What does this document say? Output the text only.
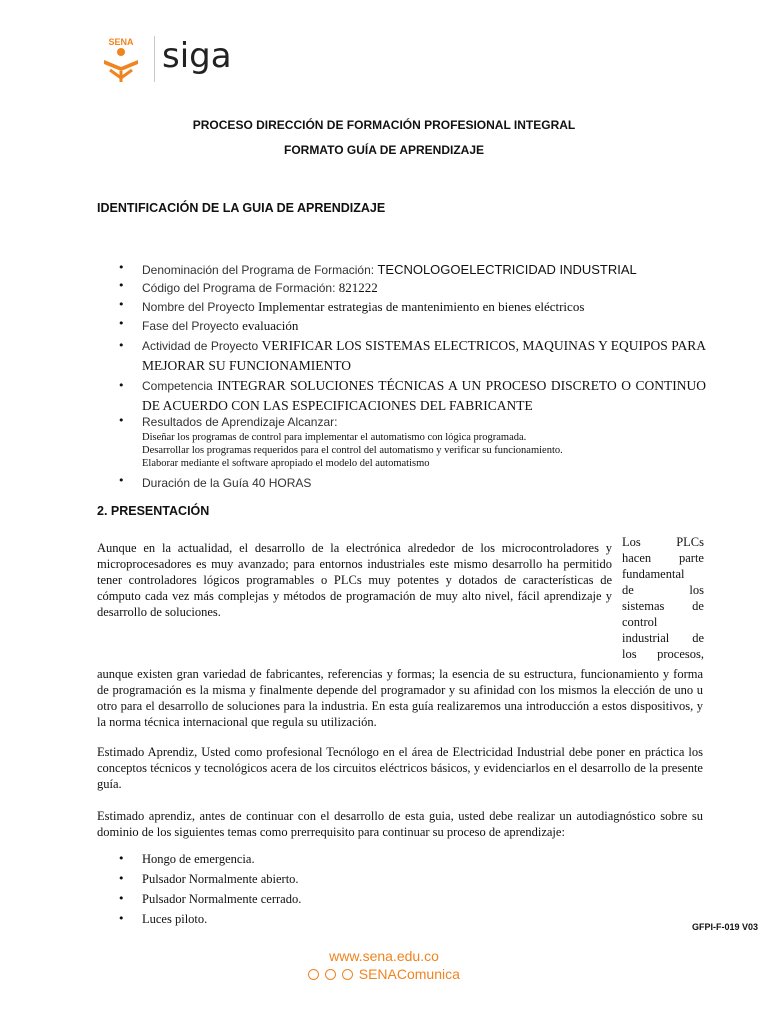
SENA siga
PROCESO DIRECCIÓN DE FORMACIÓN PROFESIONAL INTEGRAL
FORMATO GUÍA DE APRENDIZAJE
IDENTIFICACIÓN DE LA GUIA DE APRENDIZAJE
• Denominación del Programa de Formación: TECNOLOGOELECTRICIDAD INDUSTRIAL
• Código del Programa de Formación: 821222
• Nombre del Proyecto Implementar estrategias de mantenimiento en bienes eléctricos
• Fase del Proyecto evaluación
• Actividad de Proyecto VERIFICAR LOS SISTEMAS ELECTRICOS, MAQUINAS Y EQUIPOS PARA MEJORAR SU FUNCIONAMIENTO
• Competencia INTEGRAR SOLUCIONES TÉCNICAS A UN PROCESO DISCRETO O CONTINUO DE ACUERDO CON LAS ESPECIFICACIONES DEL FABRICANTE
• Resultados de Aprendizaje Alcanzar:
Diseñar los programas de control para implementar el automatismo con lógica programada.
Desarrollar los programas requeridos para el control del automatismo y verificar su funcionamiento.
Elaborar mediante el software apropiado el modelo del automatismo
• Duración de la Guía 40 HORAS
2. PRESENTACIÓN

Aunque en la actualidad, el desarrollo de la electrónica alrededor de los microcontroladores y microprocesadores es muy avanzado; para entornos industriales este mismo desarrollo ha permitido tener controladores lógicos programables o PLCs muy potentes y dotados de características de cómputo cada vez más complejas y métodos de programación de muy alto nivel, fácil aprendizaje y desarrollo de soluciones.

Los PLCs
hacen parte
fundamental
de los
sistemas de
control
industrial de
los procesos,

aunque existen gran variedad de fabricantes, referencias y formas; la esencia de su estructura, funcionamiento y forma de programación es la misma y finalmente depende del programador y su afinidad con los mismos la elección de uno u otro para el desarrollo de soluciones para la industria. En esta guía realizaremos una introducción a estos dispositivos, y la norma técnica internacional que regula su utilización.

Estimado Aprendiz, Usted como profesional Tecnólogo en el área de Electricidad Industrial debe poner en práctica los conceptos técnicos y tecnológicos acera de los circuitos eléctricos básicos, y evidenciarlos en el desarrollo de la presente guía.

Estimado aprendiz, antes de continuar con el desarrollo de esta guia, usted debe realizar un autodiagnóstico sobre su dominio de los siguientes temas como prerrequisito para continuar su proceso de aprendizaje:

• Hongo de emergencia.
• Pulsador Normalmente abierto.
• Pulsador Normalmente cerrado.
• Luces piloto.
GFPI-F-019 V03
www.sena.edu.co
SENAComunica
